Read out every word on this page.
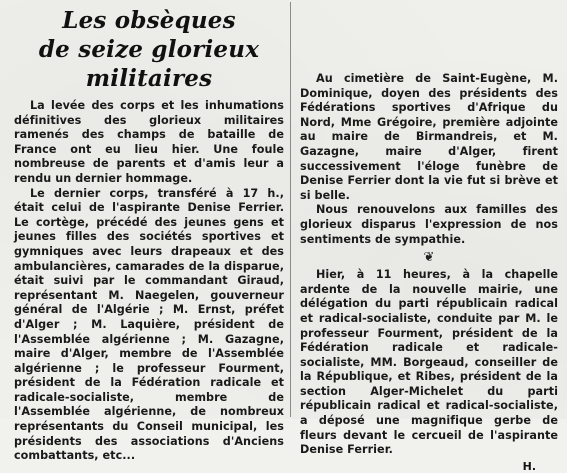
Les obsèques
de seize glorieux
militaires

La levée des corps et les inhumations définitives des glorieux militaires ramenés des champs de bataille de France ont eu lieu hier. Une foule nombreuse de parents et d'amis leur a rendu un dernier hommage.

Le dernier corps, transféré à 17 h., était celui de l'aspirante Denise Ferrier. Le cortège, précédé des jeunes gens et jeunes filles des sociétés sportives et gymniques avec leurs drapeaux et des ambulancières, camarades de la disparue, était suivi par le commandant Giraud, représentant M. Naegelen, gouverneur général de l'Algérie ; M. Ernst, préfet d'Alger ; M. Laquière, président de l'Assemblée algérienne ; M. Gazagne, maire d'Alger, membre de l'Assemblée algérienne ; le professeur Fourment, président de la Fédération radicale et radicale-socialiste, membre de l'Assemblée algérienne, de nombreux représentants du Conseil municipal, les présidents des associations d'Anciens combattants, etc...

Au cimetière de Saint-Eugène, M. Dominique, doyen des présidents des Fédérations sportives d'Afrique du Nord, Mme Grégoire, première adjointe au maire de Birmandreis, et M. Gazagne, maire d'Alger, firent successivement l'éloge funèbre de Denise Ferrier dont la vie fut si brève et si belle.

Nous renouvelons aux familles des glorieux disparus l'expression de nos sentiments de sympathie.

❦

Hier, à 11 heures, à la chapelle ardente de la nouvelle mairie, une délégation du parti républicain radical et radical-socialiste, conduite par M. le professeur Fourment, président de la Fédération radicale et radicale-socialiste, MM. Borgeaud, conseiller de la République, et Ribes, président de la section Alger-Michelet du parti républicain radical et radical-socialiste, a déposé une magnifique gerbe de fleurs devant le cercueil de l'aspirante Denise Ferrier.

H.
